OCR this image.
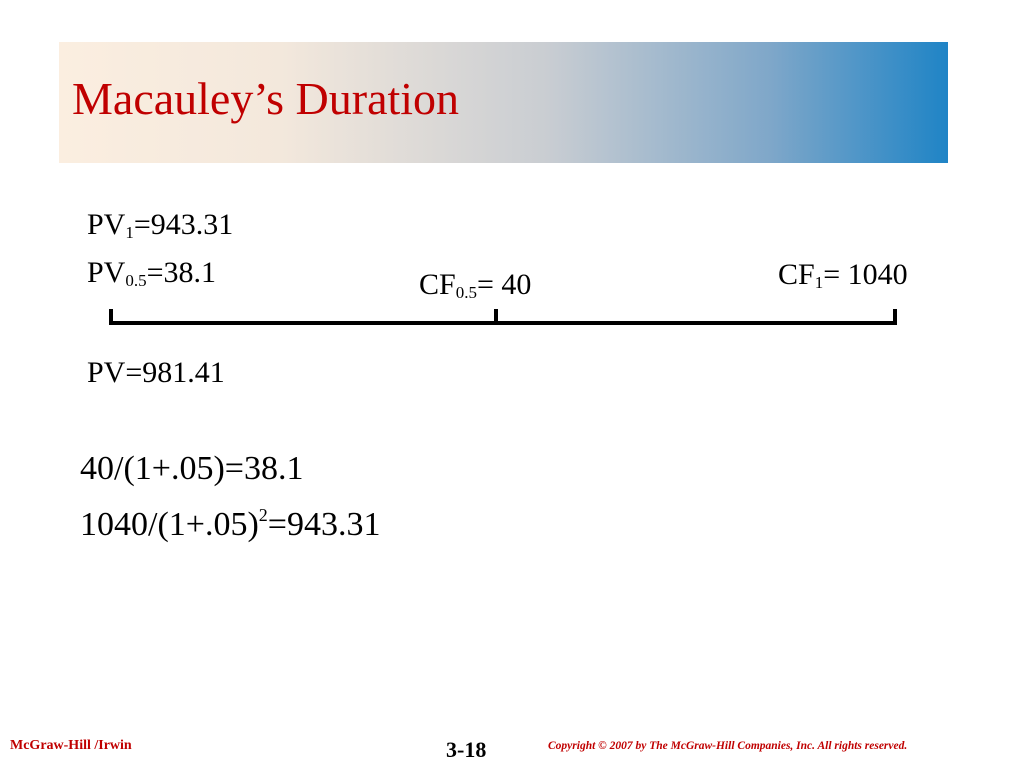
Macauley’s Duration
$PV_1=943.31$
$PV_{0.5}=38.1$	$CF_{0.5}= 40$	$CF_1= 1040$
PV=981.41
40/(1+.05)=38.1
$1040/(1+.05)^2=943.31$
McGraw-Hill /Irwin	3-18	Copyright © 2007 by The McGraw-Hill Companies, Inc. All rights reserved.
